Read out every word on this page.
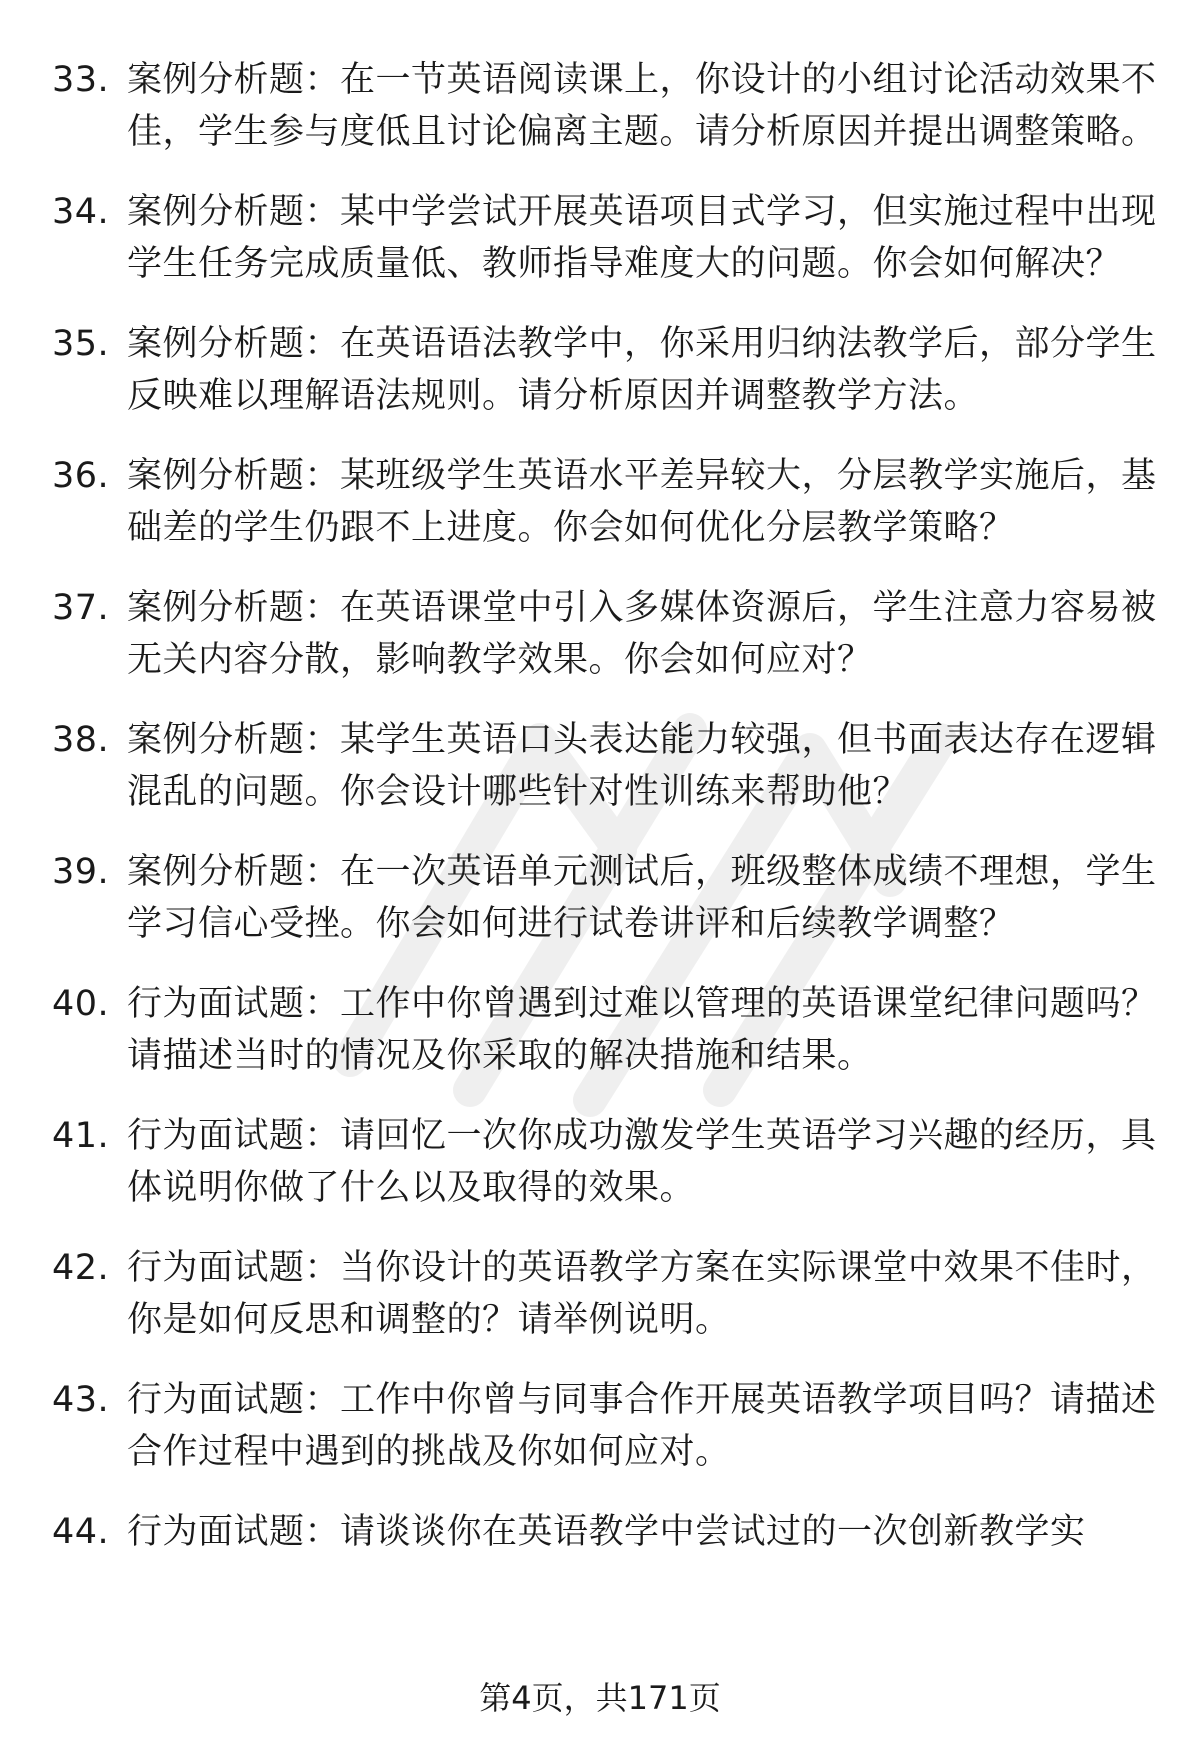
33. 案例分析题：在一节英语阅读课上，你设计的小组讨论活动效果不佳，学生参与度低且讨论偏离主题。请分析原因并提出调整策略。
34. 案例分析题：某中学尝试开展英语项目式学习，但实施过程中出现学生任务完成质量低、教师指导难度大的问题。你会如何解决？
35. 案例分析题：在英语语法教学中，你采用归纳法教学后，部分学生反映难以理解语法规则。请分析原因并调整教学方法。
36. 案例分析题：某班级学生英语水平差异较大，分层教学实施后，基础差的学生仍跟不上进度。你会如何优化分层教学策略？
37. 案例分析题：在英语课堂中引入多媒体资源后，学生注意力容易被无关内容分散，影响教学效果。你会如何应对？
38. 案例分析题：某学生英语口头表达能力较强，但书面表达存在逻辑混乱的问题。你会设计哪些针对性训练来帮助他？
39. 案例分析题：在一次英语单元测试后，班级整体成绩不理想，学生学习信心受挫。你会如何进行试卷讲评和后续教学调整？
40. 行为面试题：工作中你曾遇到过难以管理的英语课堂纪律问题吗？请描述当时的情况及你采取的解决措施和结果。
41. 行为面试题：请回忆一次你成功激发学生英语学习兴趣的经历，具体说明你做了什么以及取得的效果。
42. 行为面试题：当你设计的英语教学方案在实际课堂中效果不佳时，你是如何反思和调整的？请举例说明。
43. 行为面试题：工作中你曾与同事合作开展英语教学项目吗？请描述合作过程中遇到的挑战及你如何应对。
44. 行为面试题：请谈谈你在英语教学中尝试过的一次创新教学实
第4页，共171页
